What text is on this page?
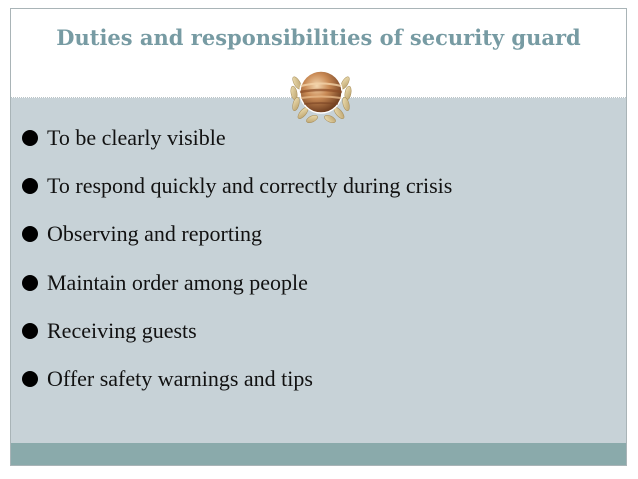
Duties and responsibilities of security guard
To be clearly visible
To respond quickly and correctly during crisis
Observing and reporting
Maintain order among people
Receiving guests
Offer safety warnings and tips
